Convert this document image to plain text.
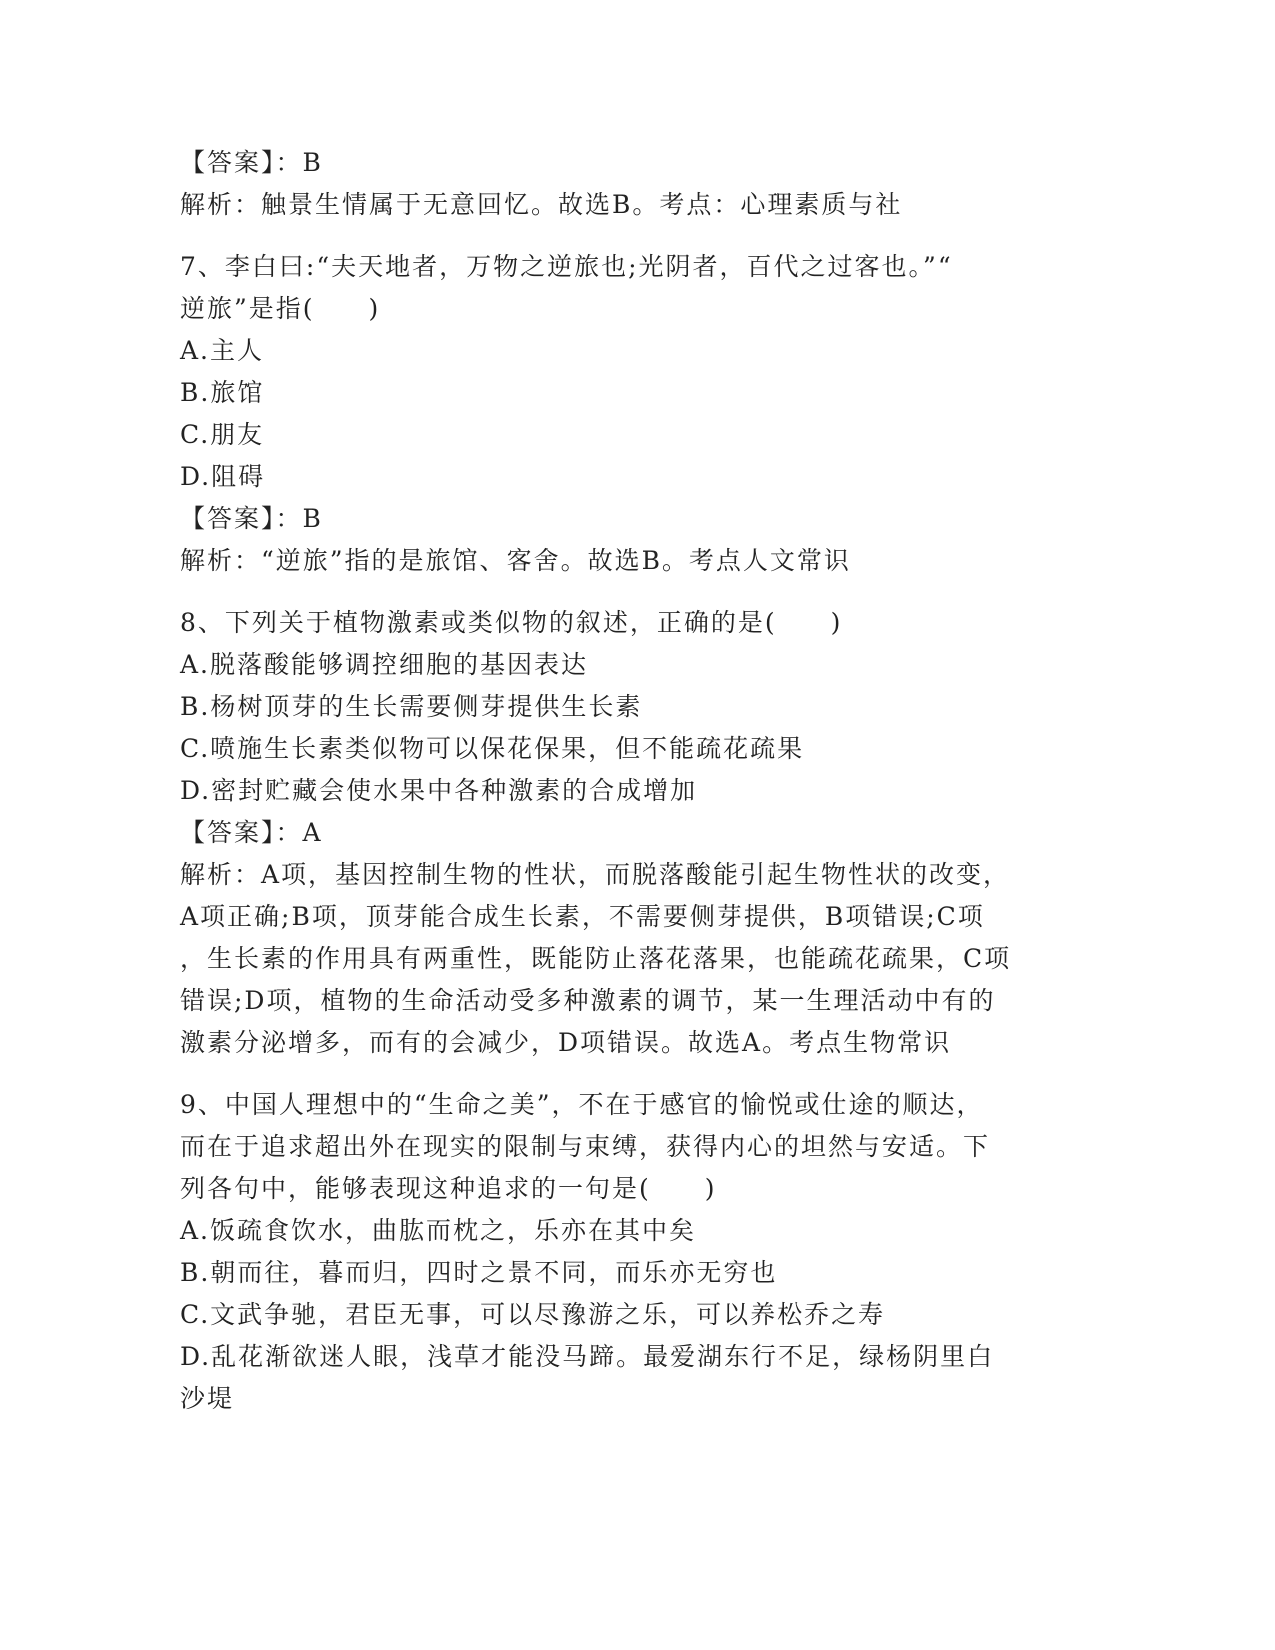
【答案】：B
解析：触景生情属于无意回忆。故选B。考点：心理素质与社
7、李白曰:“夫天地者，万物之逆旅也;光阴者，百代之过客也。”“
逆旅”是指(　　)
A.主人
B.旅馆
C.朋友
D.阻碍
【答案】：B
解析：“逆旅”指的是旅馆、客舍。故选B。考点人文常识
8、下列关于植物激素或类似物的叙述，正确的是(　　)
A.脱落酸能够调控细胞的基因表达
B.杨树顶芽的生长需要侧芽提供生长素
C.喷施生长素类似物可以保花保果，但不能疏花疏果
D.密封贮藏会使水果中各种激素的合成增加
【答案】：A
解析：A项，基因控制生物的性状，而脱落酸能引起生物性状的改变，
A项正确;B项，顶芽能合成生长素，不需要侧芽提供，B项错误;C项
，生长素的作用具有两重性，既能防止落花落果，也能疏花疏果，C项
错误;D项，植物的生命活动受多种激素的调节，某一生理活动中有的
激素分泌增多，而有的会减少，D项错误。故选A。考点生物常识
9、中国人理想中的“生命之美”，不在于感官的愉悦或仕途的顺达，
而在于追求超出外在现实的限制与束缚，获得内心的坦然与安适。下
列各句中，能够表现这种追求的一句是(　　)
A.饭疏食饮水，曲肱而枕之，乐亦在其中矣
B.朝而往，暮而归，四时之景不同，而乐亦无穷也
C.文武争驰，君臣无事，可以尽豫游之乐，可以养松乔之寿
D.乱花渐欲迷人眼，浅草才能没马蹄。最爱湖东行不足，绿杨阴里白
沙堤
